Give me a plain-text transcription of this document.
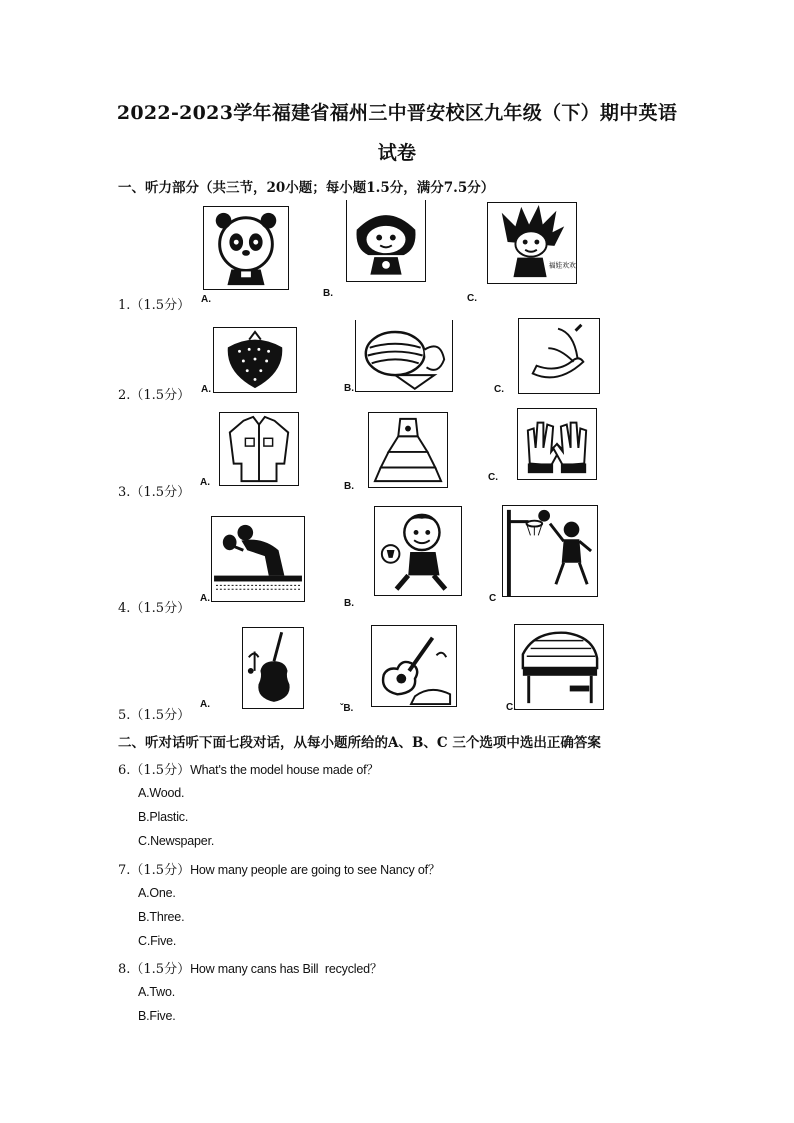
2022-2023学年福建省福州三中晋安校区九年级（下）期中英语
试卷
一、听力部分（共三节，20小题；每小题1.5分，满分7.5分）
福娃欢欢
1.（1.5分） A.
B.	C.
2.（1.5分） A.	B.	C.
3.（1.5分）
A.	B.
C.
4.（1.5分）
A.	B.	C
5.（1.5分）
A.	ˇB.	C.
二、听对话听下面七段对话，从每小题所给的A、B、C 三个选项中选出正确答案
6.（1.5分）What's the model house made of？
A.Wood.
B.Plastic.
C.Newspaper.
7.（1.5分）How many people are going to see Nancy of？
A.One.
B.Three.
C.Five.
8.（1.5分）How many cans has Bill  recycled？
A.Two.
B.Five.
